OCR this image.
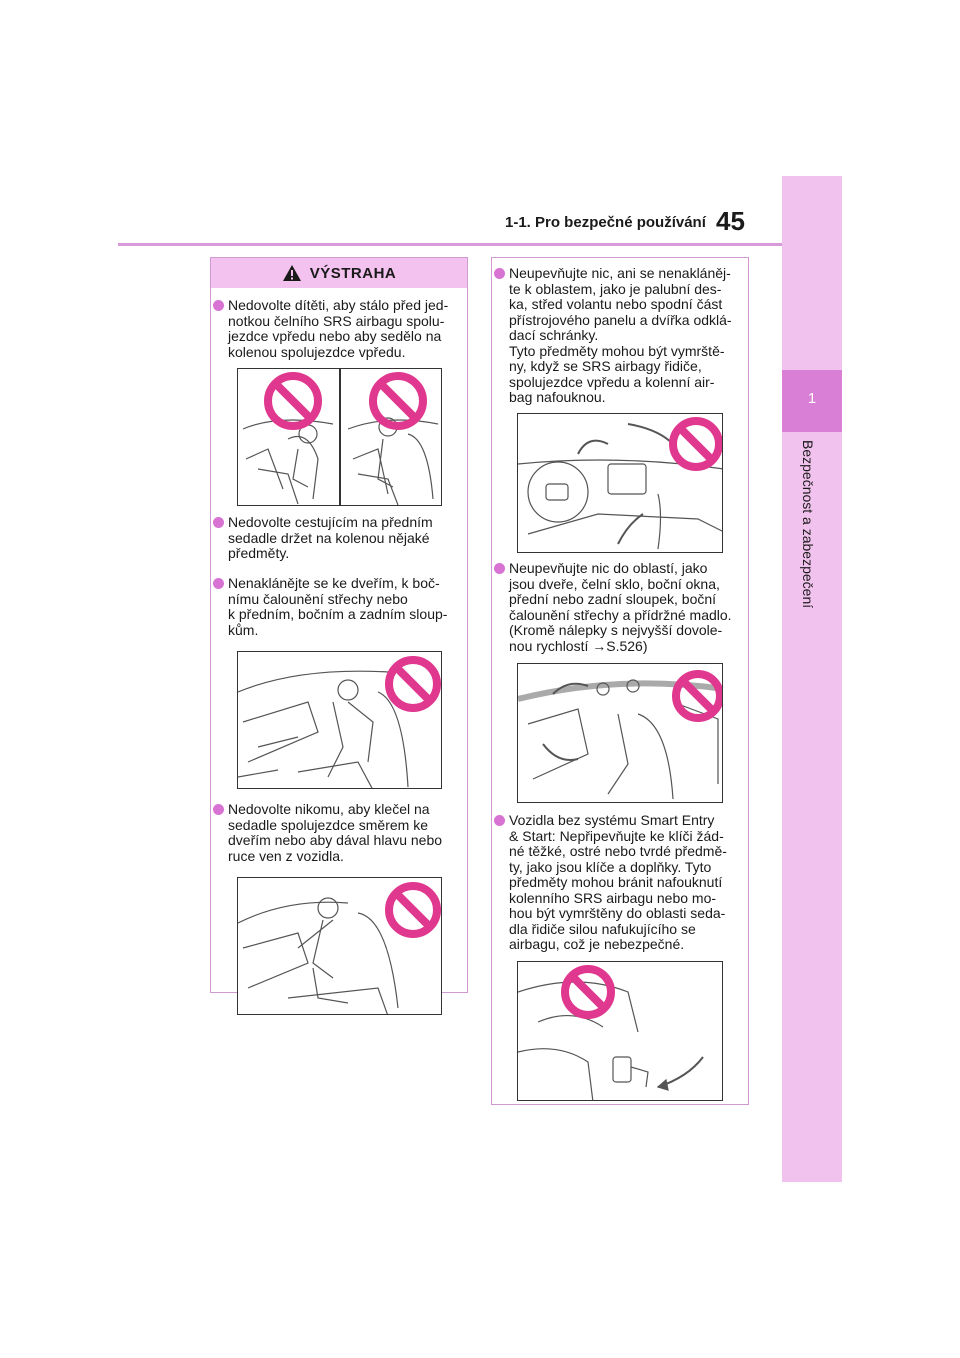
1-1. Pro bezpečné používání 45
1
Bezpečnost a zabezpečení
VÝSTRAHA
Nedovolte dítěti, aby stálo před jed-
notkou čelního SRS airbagu spolu-
jezdce vpředu nebo aby sedělo na
kolenou spolujezdce vpředu.
Nedovolte cestujícím na předním
sedadle držet na kolenou nějaké
předměty.
Nenaklánějte se ke dveřím, k boč-
nímu čalounění střechy nebo
k předním, bočním a zadním sloup-
kům.
Nedovolte nikomu, aby klečel na
sedadle spolujezdce směrem ke
dveřím nebo aby dával hlavu nebo
ruce ven z vozidla.
Neupevňujte nic, ani se nenakláněj-
te k oblastem, jako je palubní des-
ka, střed volantu nebo spodní část
přístrojového panelu a dvířka odklá-
dací schránky.
Tyto předměty mohou být vymrště-
ny, když se SRS airbagy řidiče,
spolujezdce vpředu a kolenní air-
bag nafouknou.
Neupevňujte nic do oblastí, jako
jsou dveře, čelní sklo, boční okna,
přední nebo zadní sloupek, boční
čalounění střechy a přídržné madlo.
(Kromě nálepky s nejvyšší dovole-
nou rychlostí →S.526)
Vozidla bez systému Smart Entry
& Start: Nepřipevňujte ke klíči žád-
né těžké, ostré nebo tvrdé předmě-
ty, jako jsou klíče a doplňky. Tyto
předměty mohou bránit nafouknutí
kolenního SRS airbagu nebo mo-
hou být vymrštěny do oblasti seda-
dla řidiče silou nafukujícího se
airbagu, což je nebezpečné.
